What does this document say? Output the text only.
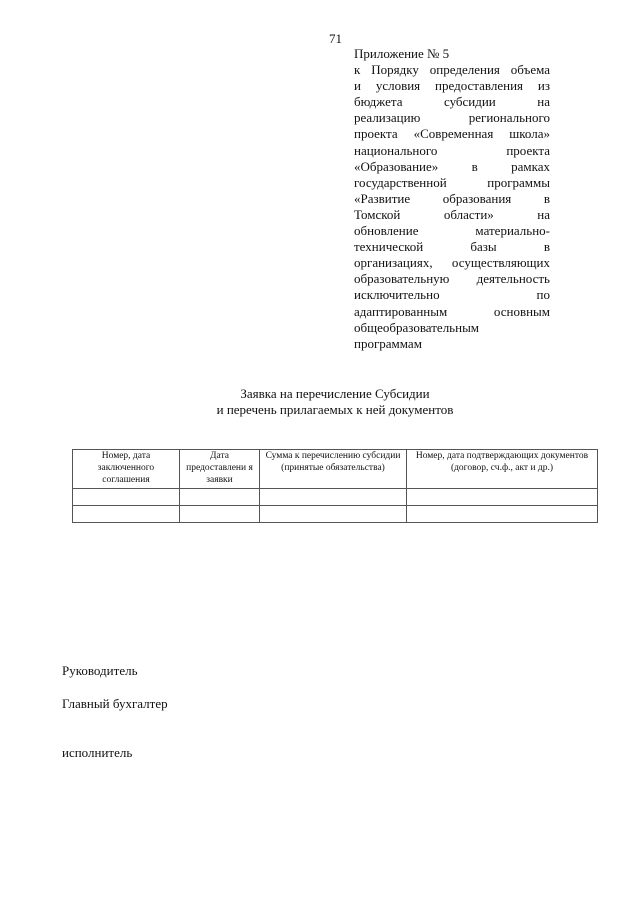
71
Приложение № 5
к Порядку определения объема
и условия предоставления из
бюджета субсидии на
реализацию регионального
проекта «Современная школа»
национального проекта
«Образование» в рамках
государственной программы
«Развитие образования в
Томской области» на
обновление материально-
технической базы в
организациях, осуществляющих
образовательную деятельность
исключительно по
адаптированным основным
общеобразовательным
программам
Заявка на перечисление Субсидии
и перечень прилагаемых к ней документов
Номер, дата заключенного соглашения	Дата предоставлени я заявки	Сумма к перечислению субсидии (принятые обязательства)	Номер, дата подтверждающих документов (договор, сч.ф., акт и др.)

Руководитель
Главный бухгалтер
исполнитель
